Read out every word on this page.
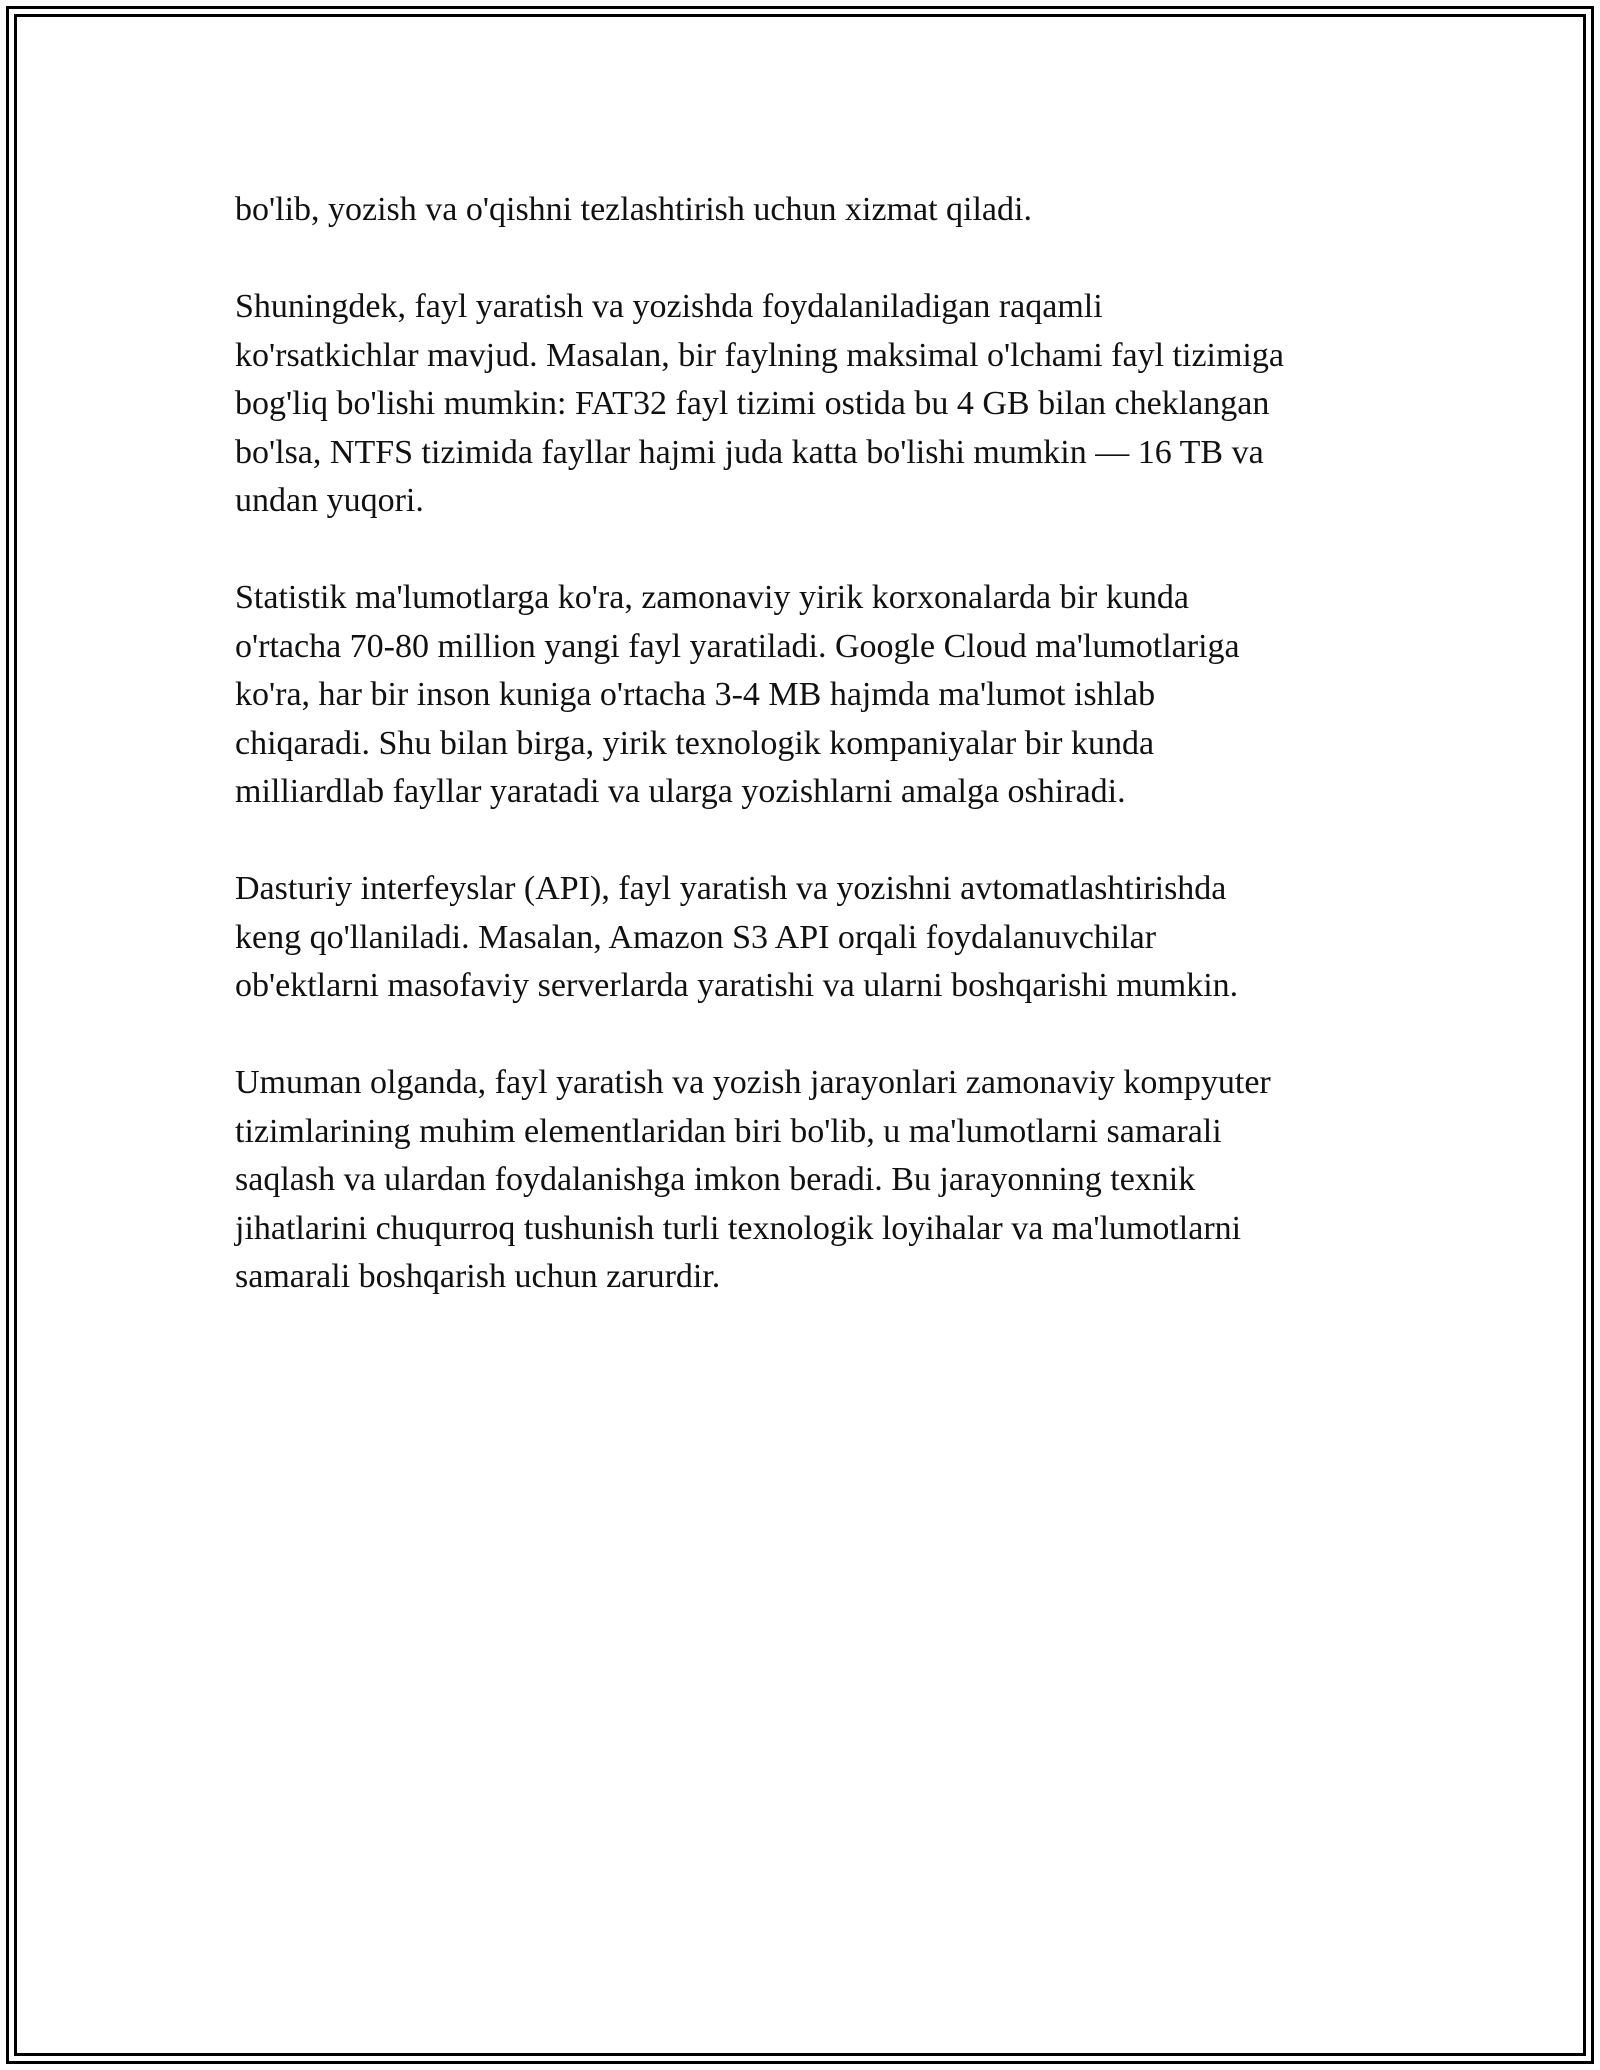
bo'lib, yozish va o'qishni tezlashtirish uchun xizmat qiladi.

Shuningdek, fayl yaratish va yozishda foydalaniladigan raqamli
ko'rsatkichlar mavjud. Masalan, bir faylning maksimal o'lchami fayl tizimiga
bog'liq bo'lishi mumkin: FAT32 fayl tizimi ostida bu 4 GB bilan cheklangan
bo'lsa, NTFS tizimida fayllar hajmi juda katta bo'lishi mumkin — 16 TB va
undan yuqori.

Statistik ma'lumotlarga ko'ra, zamonaviy yirik korxonalarda bir kunda
o'rtacha 70-80 million yangi fayl yaratiladi. Google Cloud ma'lumotlariga
ko'ra, har bir inson kuniga o'rtacha 3-4 MB hajmda ma'lumot ishlab
chiqaradi. Shu bilan birga, yirik texnologik kompaniyalar bir kunda
milliardlab fayllar yaratadi va ularga yozishlarni amalga oshiradi.

Dasturiy interfeyslar (API), fayl yaratish va yozishni avtomatlashtirishda
keng qo'llaniladi. Masalan, Amazon S3 API orqali foydalanuvchilar
ob'ektlarni masofaviy serverlarda yaratishi va ularni boshqarishi mumkin.

Umuman olganda, fayl yaratish va yozish jarayonlari zamonaviy kompyuter
tizimlarining muhim elementlaridan biri bo'lib, u ma'lumotlarni samarali
saqlash va ulardan foydalanishga imkon beradi. Bu jarayonning texnik
jihatlarini chuqurroq tushunish turli texnologik loyihalar va ma'lumotlarni
samarali boshqarish uchun zarurdir.
